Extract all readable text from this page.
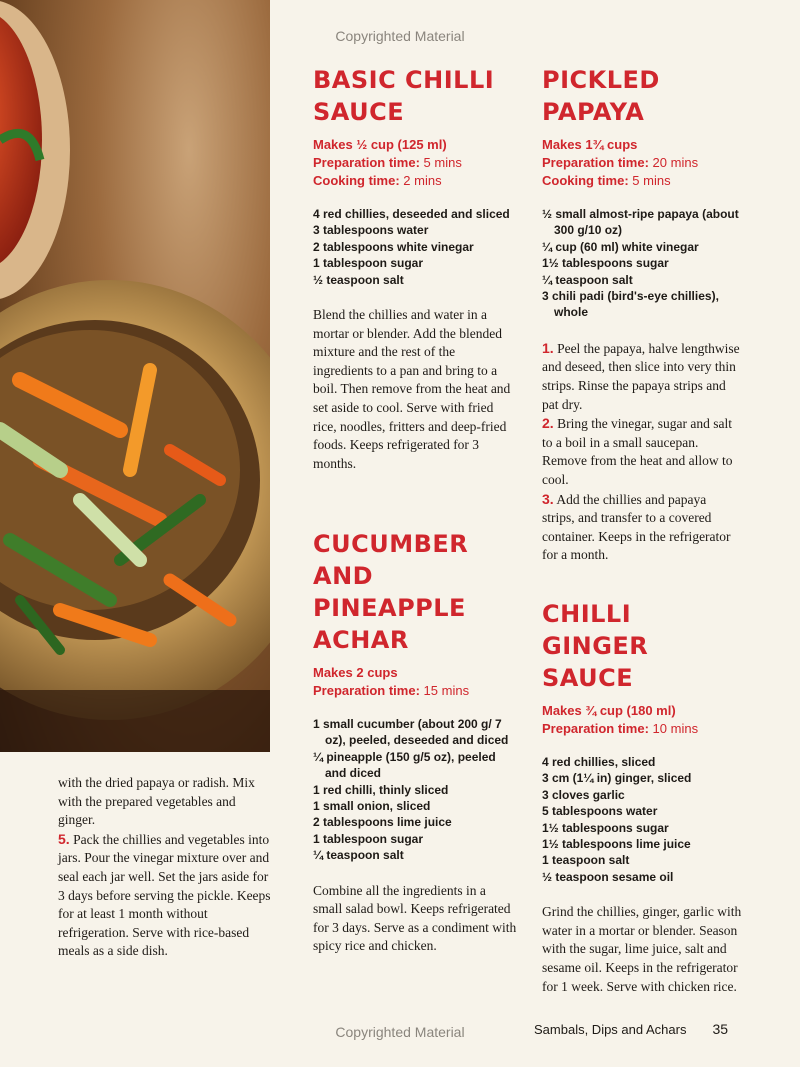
Copyrighted Material

with the dried papaya or radish. Mix with the prepared vegetables and ginger.

5. Pack the chillies and vegetables into jars. Pour the vinegar mixture over and seal each jar well. Set the jars aside for 3 days before serving the pickle. Keeps for at least 1 month without refrigeration. Serve with rice-based meals as a side dish.

BASIC CHILLI SAUCE
Makes ½ cup (125 ml)
Preparation time: 5 mins
Cooking time: 2 mins
4 red chillies, deseeded and sliced
3 tablespoons water
2 tablespoons white vinegar
1 tablespoon sugar
½ teaspoon salt

Blend the chillies and water in a mortar or blender. Add the blended mixture and the rest of the ingredients to a pan and bring to a boil. Then remove from the heat and set aside to cool. Serve with fried rice, noodles, fritters and deep-fried foods. Keeps refrigerated for 3 months.

CUCUMBER AND PINEAPPLE ACHAR
Makes 2 cups
Preparation time: 15 mins
1 small cucumber (about 200 g/ 7 oz), peeled, deseeded and diced
¼ pineapple (150 g/5 oz), peeled and diced
1 red chilli, thinly sliced
1 small onion, sliced
2 tablespoons lime juice
1 tablespoon sugar
¼ teaspoon salt

Combine all the ingredients in a small salad bowl. Keeps refrigerated for 3 days. Serve as a condiment with spicy rice and chicken.

PICKLED PAPAYA
Makes 1¾ cups
Preparation time: 20 mins
Cooking time: 5 mins
½ small almost-ripe papaya (about 300 g/10 oz)
¼ cup (60 ml) white vinegar
1½ tablespoons sugar
¼ teaspoon salt
3 chili padi (bird's-eye chillies), whole

1. Peel the papaya, halve lengthwise and deseed, then slice into very thin strips. Rinse the papaya strips and pat dry.

2. Bring the vinegar, sugar and salt to a boil in a small saucepan. Remove from the heat and allow to cool.

3. Add the chillies and papaya strips, and transfer to a covered container. Keeps in the refrigerator for a month.

CHILLI GINGER SAUCE
Makes ¾ cup (180 ml)
Preparation time: 10 mins
4 red chillies, sliced
3 cm (1¼ in) ginger, sliced
3 cloves garlic
5 tablespoons water
1½ tablespoons sugar
1½ tablespoons lime juice
1 teaspoon salt
½ teaspoon sesame oil

Grind the chillies, ginger, garlic with water in a mortar or blender. Season with the sugar, lime juice, salt and sesame oil. Keeps in the refrigerator for 1 week. Serve with chicken rice.

Copyrighted Material	Sambals, Dips and Achars 35
